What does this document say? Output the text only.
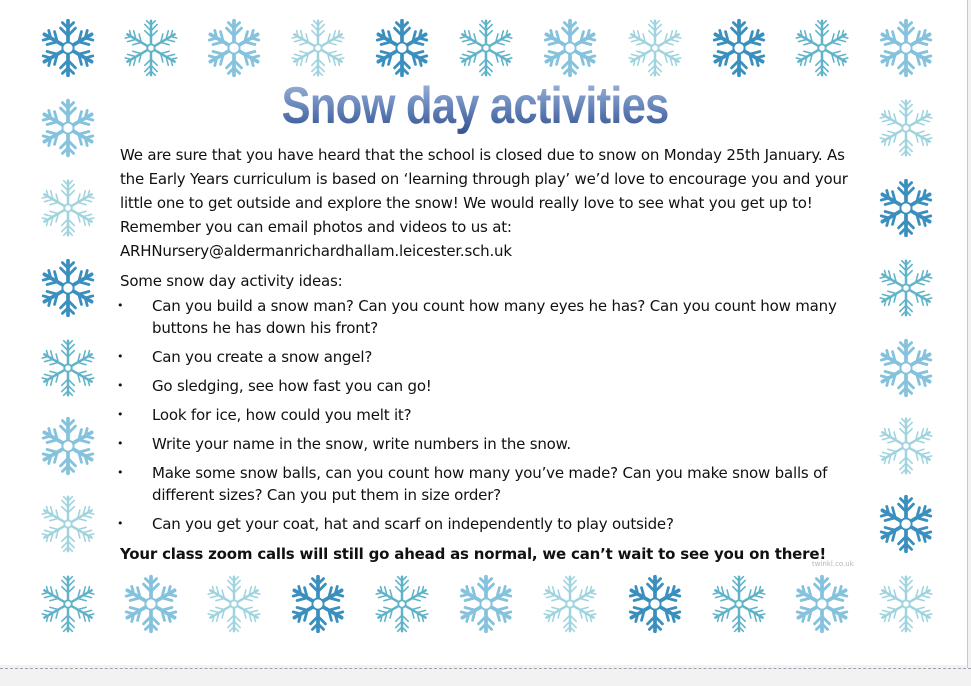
Snow day activities

We are sure that you have heard that the school is closed due to snow on Monday 25th January. As the Early Years curriculum is based on ‘learning through play’ we’d love to encourage you and your little one to get outside and explore the snow! We would really love to see what you get up to! Remember you can email photos and videos to us at: ARHNursery@aldermanrichardhallam.leicester.sch.uk

Some snow day activity ideas:

• Can you build a snow man? Can you count how many eyes he has? Can you count how many buttons he has down his front?
• Can you create a snow angel?
• Go sledging, see how fast you can go!
• Look for ice, how could you melt it?
• Write your name in the snow, write numbers in the snow.
• Make some snow balls, can you count how many you’ve made? Can you make snow balls of different sizes? Can you put them in size order?
• Can you get your coat, hat and scarf on independently to play outside?

Your class zoom calls will still go ahead as normal, we can’t wait to see you on there!

twinkl.co.uk
